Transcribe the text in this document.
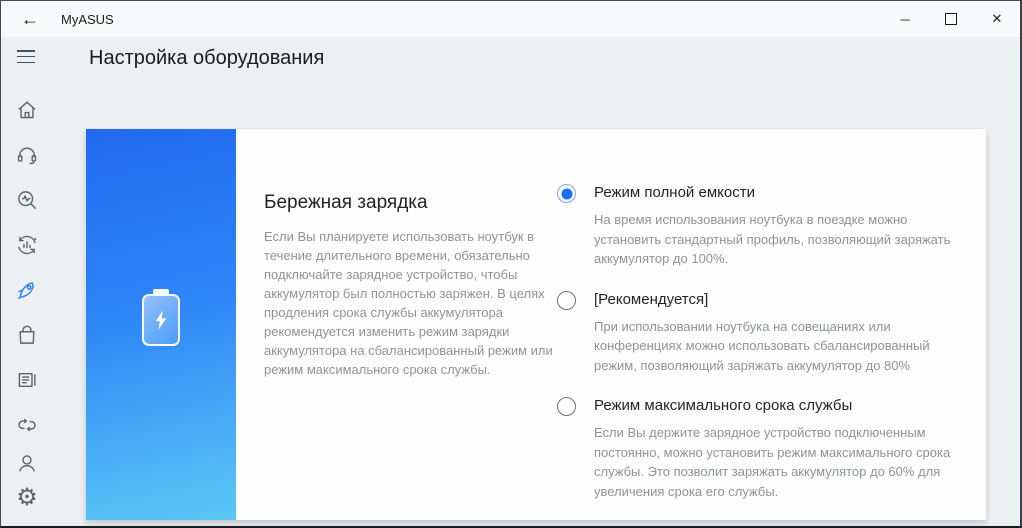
← MyASUS	─	✕
Настройка оборудования
⚙
Бережная зарядка
Если Вы планируете использовать ноутбук в течение длительного времени, обязательно подключайте зарядное устройство, чтобы аккумулятор был полностью заряжен. В целях продления срока службы аккумулятора рекомендуется изменить режим зарядки аккумулятора на сбалансированный режим или режим максимального срока службы.
Режим полной емкости
На время использования ноутбука в поездке можно установить стандартный профиль, позволяющий заряжать аккумулятор до 100%.
[Рекомендуется]
При использовании ноутбука на совещаниях или конференциях можно использовать сбалансированный режим, позволяющий заряжать аккумулятор до 80%
Режим максимального срока службы
Если Вы держите зарядное устройство подключенным постоянно, можно установить режим максимального срока службы. Это позволит заряжать аккумулятор до 60% для увеличения срока его службы.
